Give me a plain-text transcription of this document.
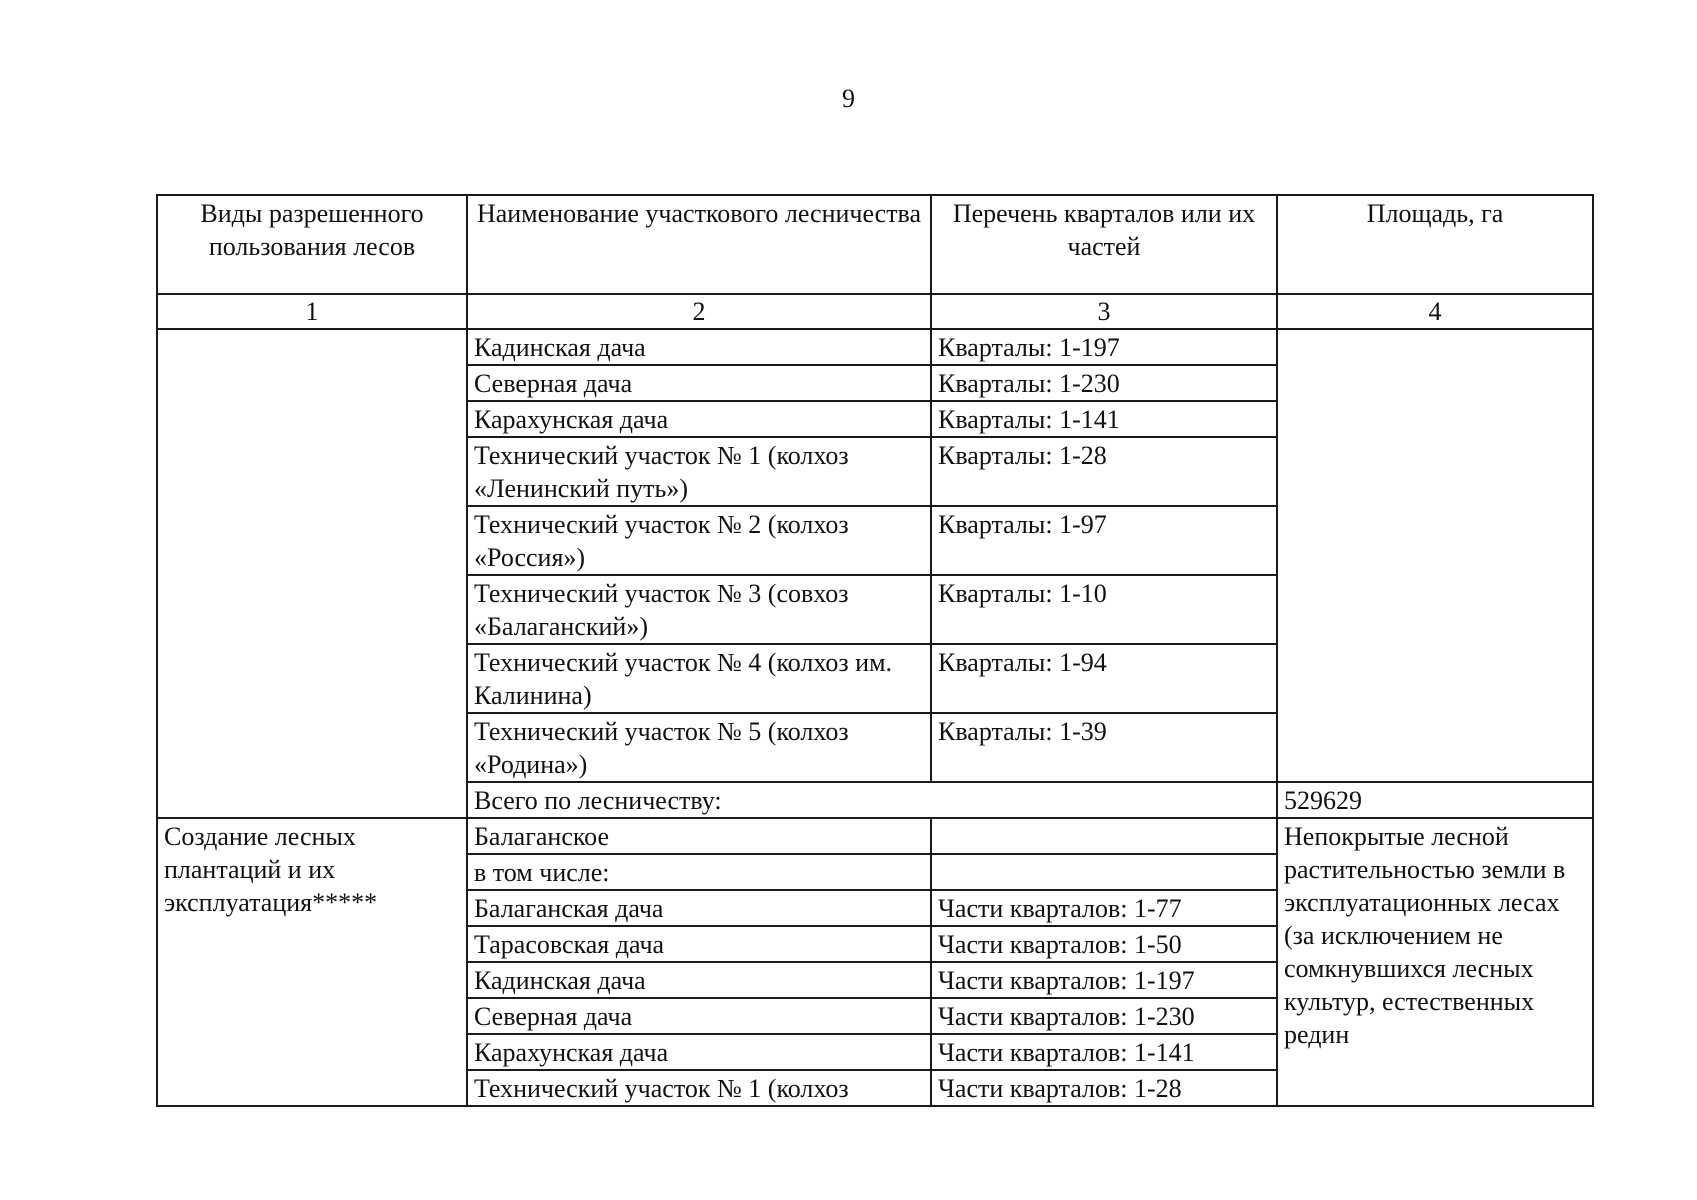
9
Виды разрешенного пользования лесов	Наименование участкового лесничества	Перечень кварталов или их частей	Площадь, га
1	2	3	4
	Кадинская дача	Кварталы: 1-197	
	Северная дача	Кварталы: 1-230	
	Карахунская дача	Кварталы: 1-141	
	Технический участок № 1 (колхоз «Ленинский путь»)	Кварталы: 1-28	
	Технический участок № 2 (колхоз «Россия»)	Кварталы: 1-97	
	Технический участок № 3 (совхоз «Балаганский»)	Кварталы: 1-10	
	Технический участок № 4 (колхоз им. Калинина)	Кварталы: 1-94	
	Технический участок № 5 (колхоз «Родина»)	Кварталы: 1-39	
	Всего по лесничеству:		529629
Создание лесных плантаций и их эксплуатация*****	Балаганское		Непокрытые лесной растительностью земли в эксплуатационных лесах (за исключением не сомкнувшихся лесных культур, естественных редин
	в том числе:		
	Балаганская дача	Части кварталов: 1-77	
	Тарасовская дача	Части кварталов: 1-50	
	Кадинская дача	Части кварталов: 1-197	
	Северная дача	Части кварталов: 1-230	
	Карахунская дача	Части кварталов: 1-141	
	Технический участок № 1 (колхоз	Части кварталов: 1-28	
